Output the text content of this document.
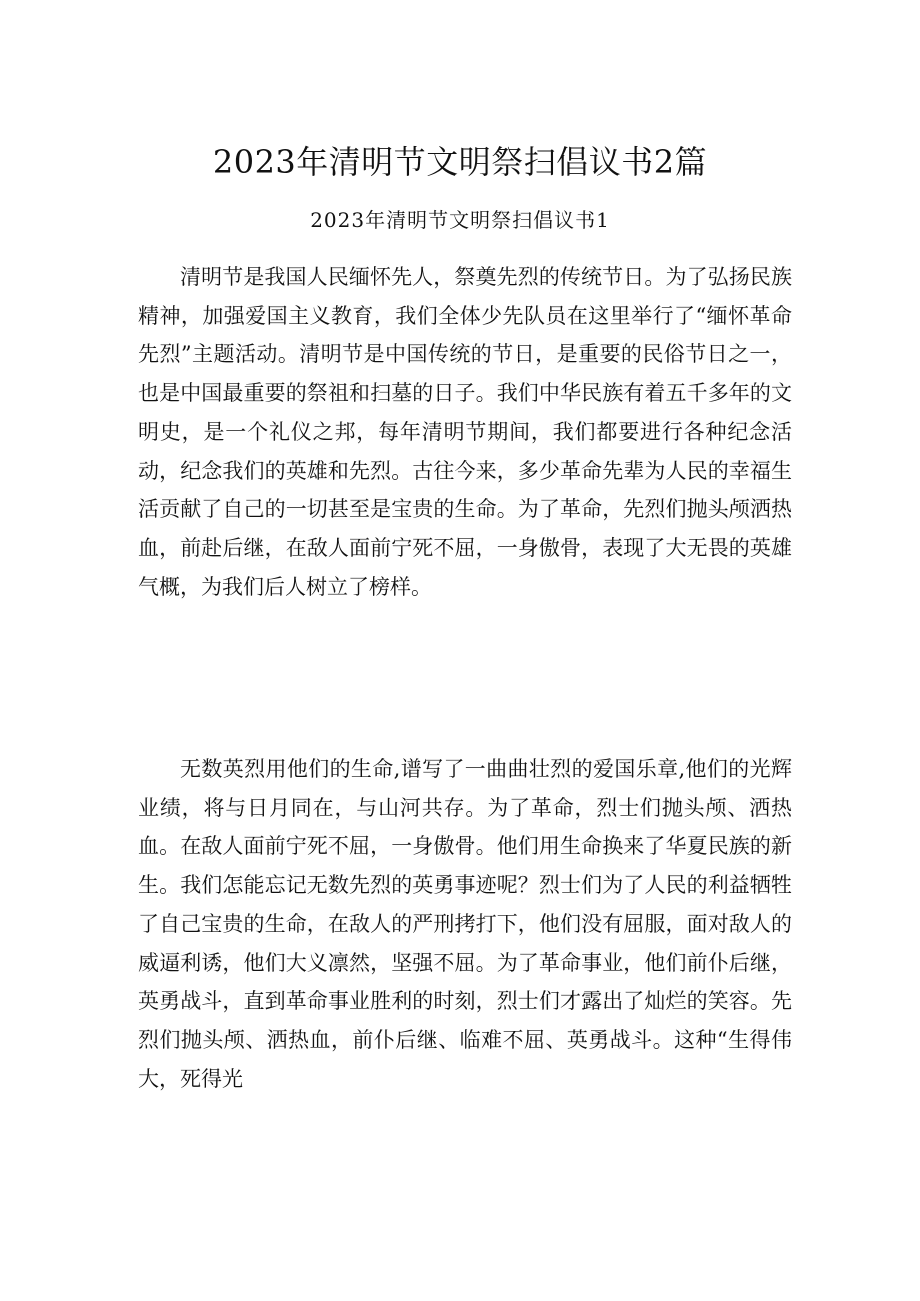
2023年清明节文明祭扫倡议书2篇
2023年清明节文明祭扫倡议书1

清明节是我国人民缅怀先人，祭奠先烈的传统节日。为了弘扬民族精神，加强爱国主义教育，我们全体少先队员在这里举行了“缅怀革命先烈”主题活动。清明节是中国传统的节日，是重要的民俗节日之一，也是中国最重要的祭祖和扫墓的日子。我们中华民族有着五千多年的文明史，是一个礼仪之邦，每年清明节期间，我们都要进行各种纪念活动，纪念我们的英雄和先烈。古往今来，多少革命先辈为人民的幸福生活贡献了自己的一切甚至是宝贵的生命。为了革命，先烈们抛头颅洒热血，前赴后继，在敌人面前宁死不屈，一身傲骨，表现了大无畏的英雄气概，为我们后人树立了榜样。

无数英烈用他们的生命,谱写了一曲曲壮烈的爱国乐章,他们的光辉业绩，将与日月同在，与山河共存。为了革命，烈士们抛头颅、洒热血。在敌人面前宁死不屈，一身傲骨。他们用生命换来了华夏民族的新生。我们怎能忘记无数先烈的英勇事迹呢？烈士们为了人民的利益牺牲了自己宝贵的生命，在敌人的严刑拷打下，他们没有屈服，面对敌人的威逼利诱，他们大义凛然，坚强不屈。为了革命事业，他们前仆后继，英勇战斗，直到革命事业胜利的时刻，烈士们才露出了灿烂的笑容。先烈们抛头颅、洒热血，前仆后继、临难不屈、英勇战斗。这种“生得伟大，死得光
